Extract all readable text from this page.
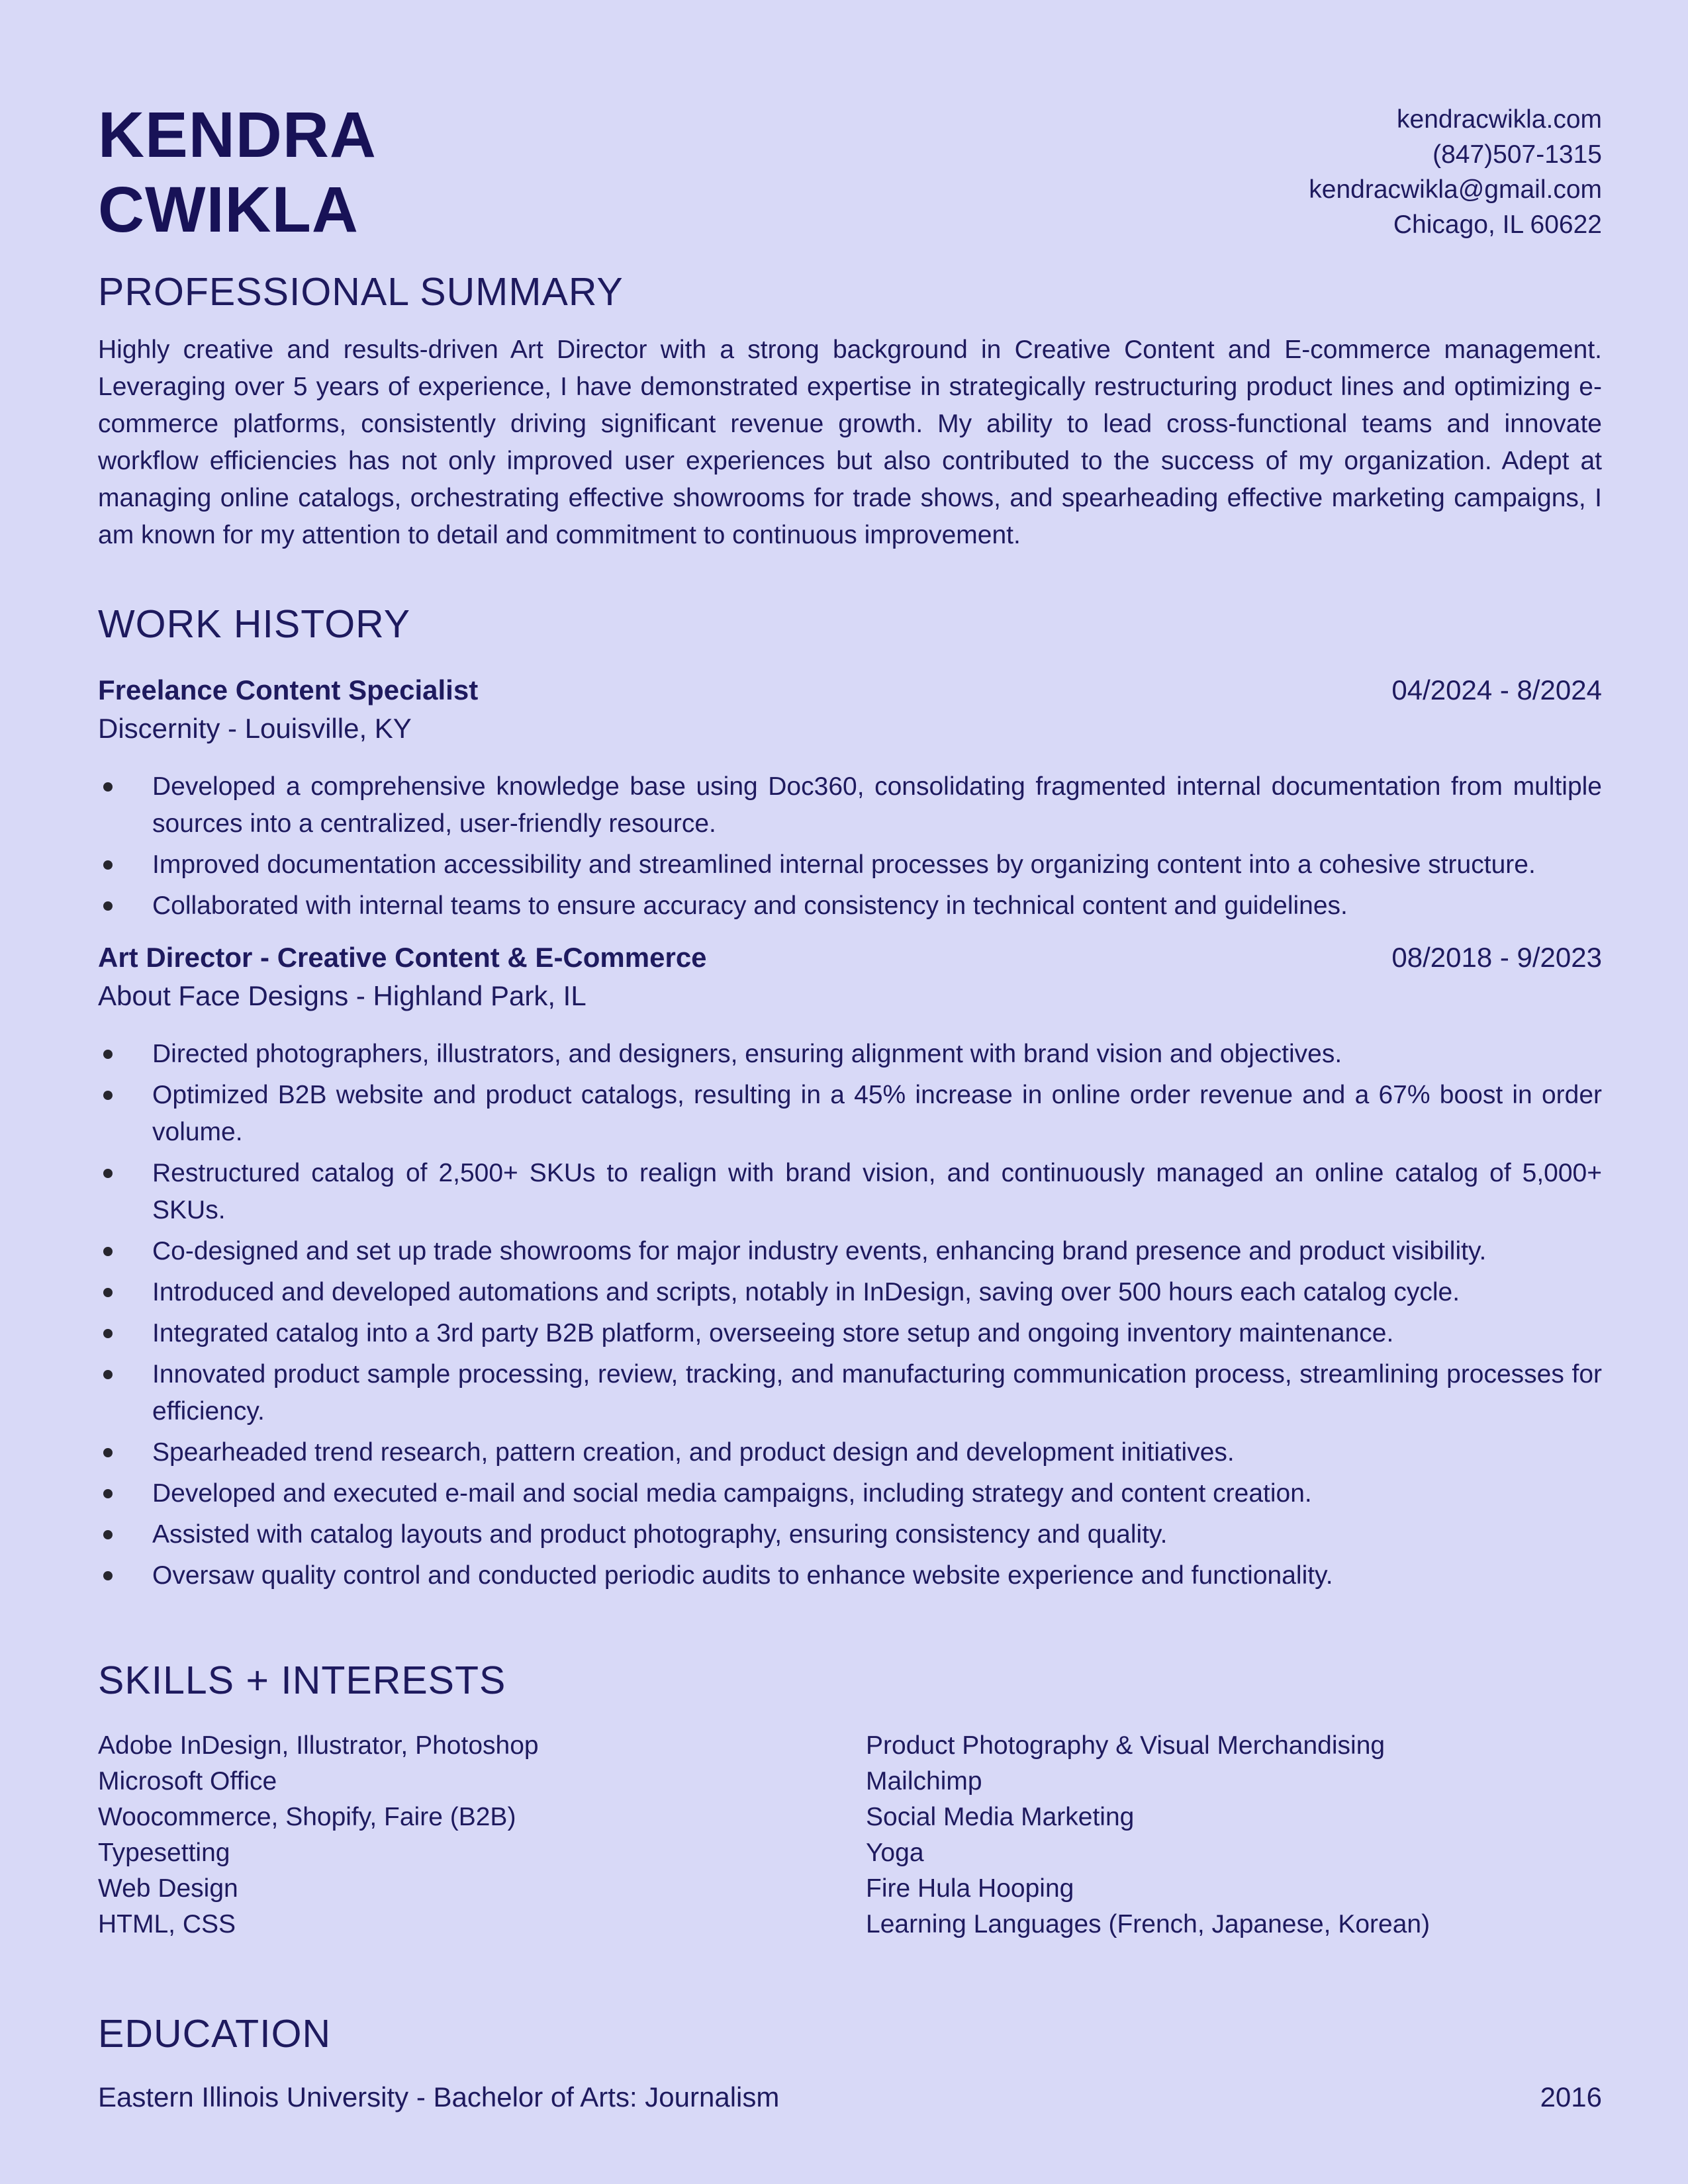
KENDRA
CWIKLA
kendracwikla.com
(847)507-1315
kendracwikla@gmail.com
Chicago, IL 60622
PROFESSIONAL SUMMARY

Highly creative and results-driven Art Director with a strong background in Creative Content and E-commerce management. Leveraging over 5 years of experience, I have demonstrated expertise in strategically restructuring product lines and optimizing e-commerce platforms, consistently driving significant revenue growth. My ability to lead cross-functional teams and innovate workflow efficiencies has not only improved user experiences but also contributed to the success of my organization. Adept at managing online catalogs, orchestrating effective showrooms for trade shows, and spearheading effective marketing campaigns, I am known for my attention to detail and commitment to continuous improvement.

WORK HISTORY
Freelance Content Specialist	04/2024 - 8/2024
Discernity - Louisville, KY
Developed a comprehensive knowledge base using Doc360, consolidating fragmented internal documentation from multiple sources into a centralized, user-friendly resource.
Improved documentation accessibility and streamlined internal processes by organizing content into a cohesive structure.
Collaborated with internal teams to ensure accuracy and consistency in technical content and guidelines.
Art Director - Creative Content & E-Commerce	08/2018 - 9/2023
About Face Designs - Highland Park, IL
Directed photographers, illustrators, and designers, ensuring alignment with brand vision and objectives.
Optimized B2B website and product catalogs, resulting in a 45% increase in online order revenue and a 67% boost in order volume.
Restructured catalog of 2,500+ SKUs to realign with brand vision, and continuously managed an online catalog of 5,000+ SKUs.
Co-designed and set up trade showrooms for major industry events, enhancing brand presence and product visibility.
Introduced and developed automations and scripts, notably in InDesign, saving over 500 hours each catalog cycle.
Integrated catalog into a 3rd party B2B platform, overseeing store setup and ongoing inventory maintenance.
Innovated product sample processing, review, tracking, and manufacturing communication process, streamlining processes for efficiency.
Spearheaded trend research, pattern creation, and product design and development initiatives.
Developed and executed e-mail and social media campaigns, including strategy and content creation.
Assisted with catalog layouts and product photography, ensuring consistency and quality.
Oversaw quality control and conducted periodic audits to enhance website experience and functionality.
SKILLS + INTERESTS
Adobe InDesign, Illustrator, Photoshop
Microsoft Office
Woocommerce, Shopify, Faire (B2B)
Typesetting
Web Design
HTML, CSS
Product Photography & Visual Merchandising
Mailchimp
Social Media Marketing
Yoga
Fire Hula Hooping
Learning Languages (French, Japanese, Korean)
EDUCATION
Eastern Illinois University - Bachelor of Arts: Journalism	2016
